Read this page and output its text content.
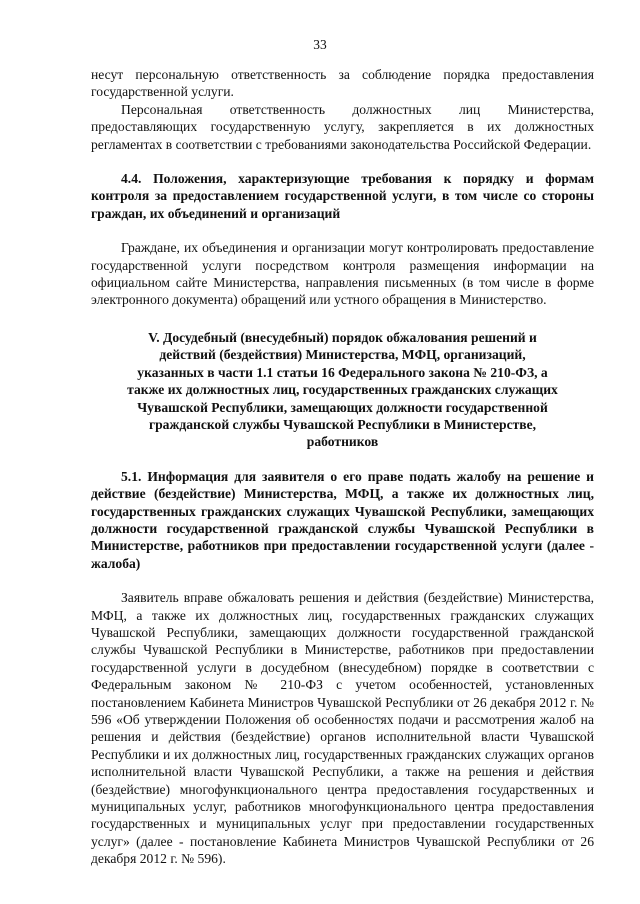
33

несут персональную ответственность за соблюдение порядка предоставления государственной услуги.

Персональная ответственность должностных лиц Министерства, предоставляющих государственную услугу, закрепляется в их должностных регламентах в соответствии с требованиями законодательства Российской Федерации.

4.4. Положения, характеризующие требования к порядку и формам контроля за предоставлением государственной услуги, в том числе со стороны граждан, их объединений и организаций

Граждане, их объединения и организации могут контролировать предоставление государственной услуги посредством контроля размещения информации на официальном сайте Министерства, направления письменных (в том числе в форме электронного документа) обращений или устного обращения в Министерство.

V. Досудебный (внесудебный) порядок обжалования решений и действий (бездействия) Министерства, МФЦ, организаций, указанных в части 1.1 статьи 16 Федерального закона № 210-ФЗ, а также их должностных лиц, государственных гражданских служащих Чувашской Республики, замещающих должности государственной гражданской службы Чувашской Республики в Министерстве, работников

5.1. Информация для заявителя о его праве подать жалобу на решение и действие (бездействие) Министерства, МФЦ, а также их должностных лиц, государственных гражданских служащих Чувашской Республики, замещающих должности государственной гражданской службы Чувашской Республики в Министерстве, работников при предоставлении государственной услуги (далее - жалоба)

Заявитель вправе обжаловать решения и действия (бездействие) Министерства, МФЦ, а также их должностных лиц, государственных гражданских служащих Чувашской Республики, замещающих должности государственной гражданской службы Чувашской Республики в Министерстве, работников при предоставлении государственной услуги в досудебном (внесудебном) порядке в соответствии с Федеральным законом № 210-ФЗ с учетом особенностей, установленных постановлением Кабинета Министров Чувашской Республики от 26 декабря 2012 г. № 596 «Об утверждении Положения об особенностях подачи и рассмотрения жалоб на решения и действия (бездействие) органов исполнительной власти Чувашской Республики и их должностных лиц, государственных гражданских служащих органов исполнительной власти Чувашской Республики, а также на решения и действия (бездействие) многофункционального центра предоставления государственных и муниципальных услуг, работников многофункционального центра предоставления государственных и муниципальных услуг при предоставлении государственных услуг» (далее - постановление Кабинета Министров Чувашской Республики от 26 декабря 2012 г. № 596).
